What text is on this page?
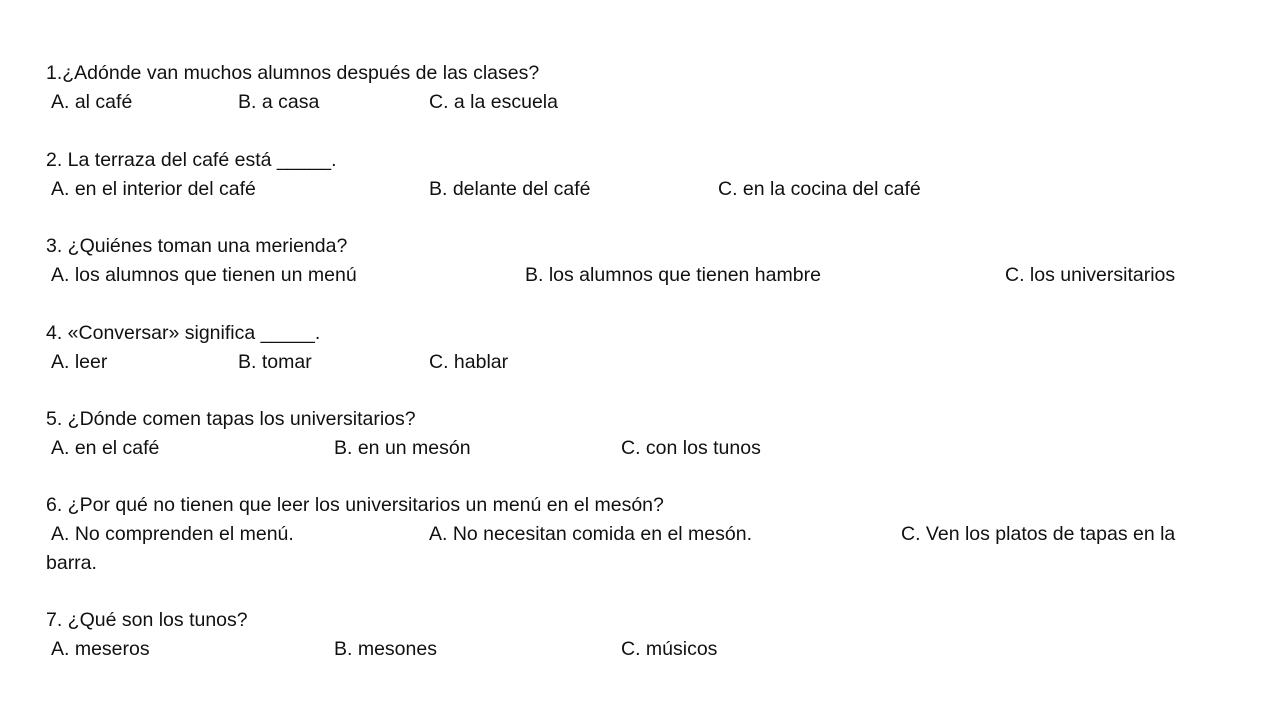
1.¿Adónde van muchos alumnos después de las clases?
A. al café	B. a casa	C. a la escuela
2. La terraza del café está _____.
A. en el interior del café	B. delante del café	C. en la cocina del café
3. ¿Quiénes toman una merienda?
A. los alumnos que tienen un menú	B. los alumnos que tienen hambre	C. los universitarios
4. «Conversar» significa _____.
A. leer	B. tomar	C. hablar
5. ¿Dónde comen tapas los universitarios?
A. en el café	B. en un mesón	C. con los tunos
6. ¿Por qué no tienen que leer los universitarios un menú en el mesón?
A. No comprenden el menú.	A. No necesitan comida en el mesón.	C. Ven los platos de tapas en la
barra.
7. ¿Qué son los tunos?
A. meseros	B. mesones	C. músicos
